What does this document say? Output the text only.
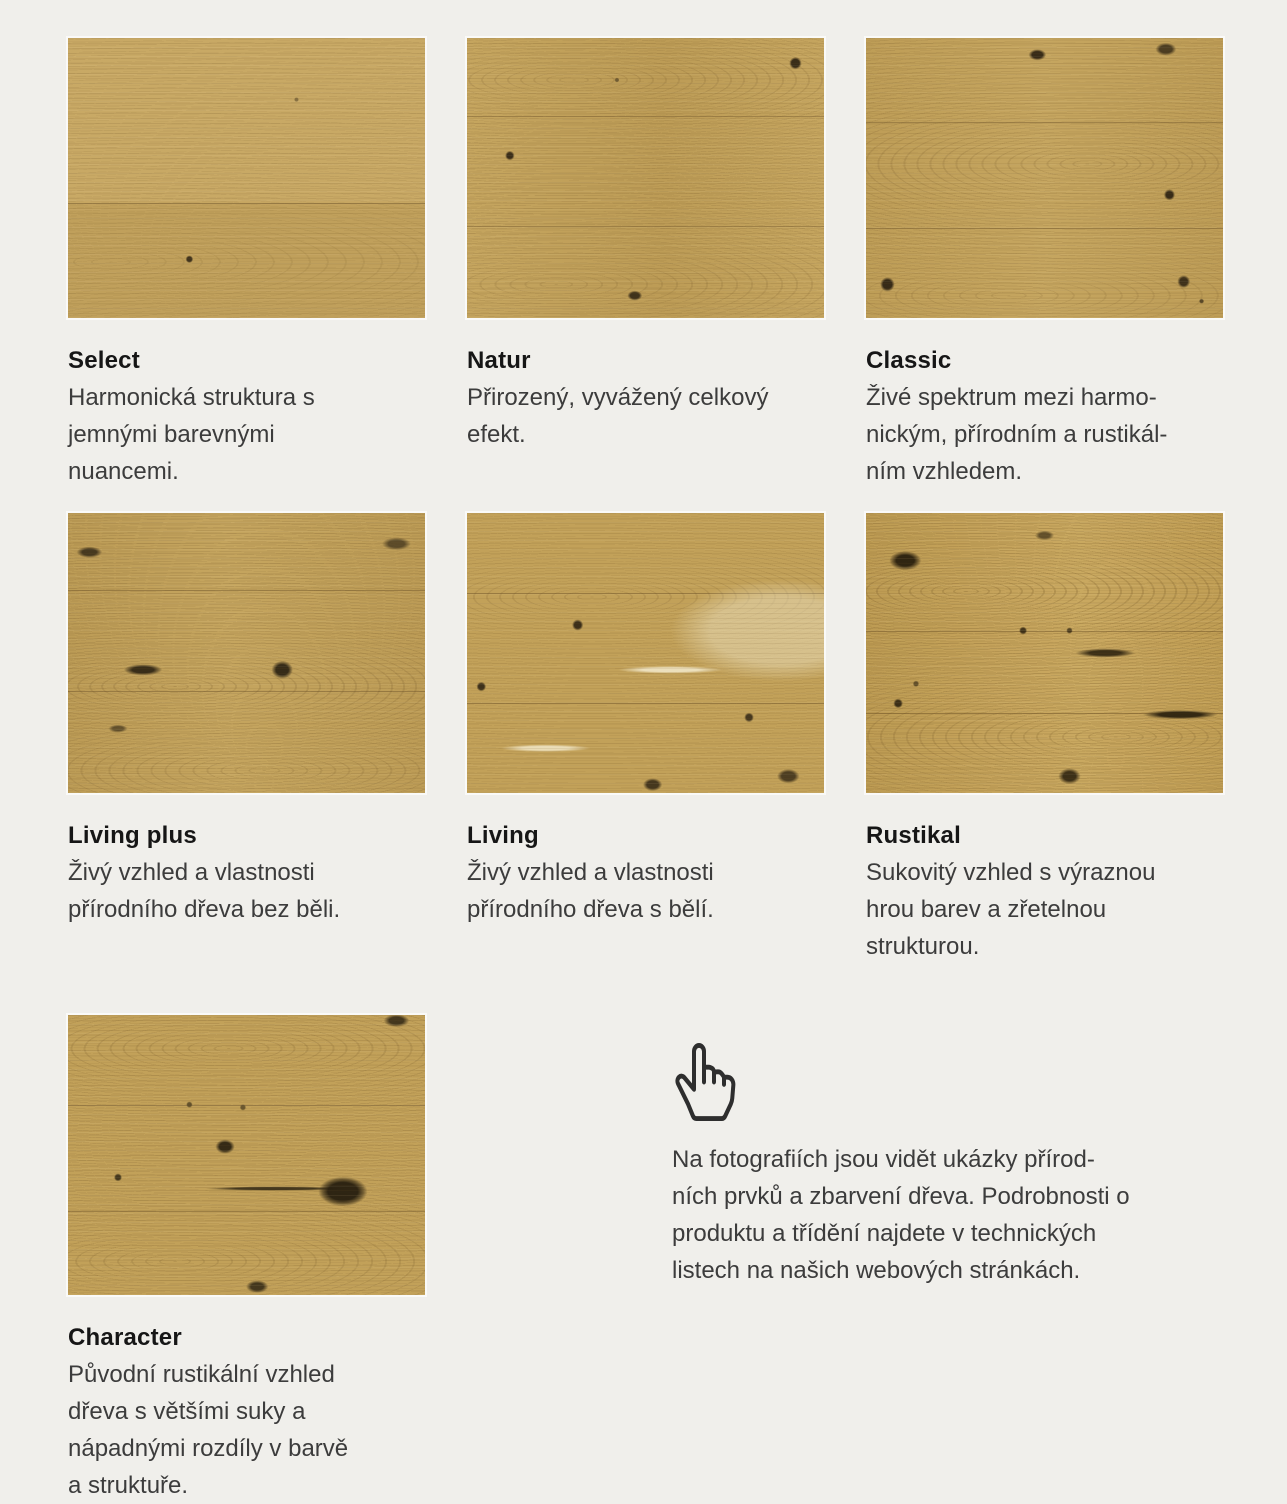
Select

Harmonická struktura s
jemnými barevnými
nuancemi.

Natur

Přirozený, vyvážený celkový
efekt.

Classic

Živé spektrum mezi harmo-
nickým, přírodním a rustikál-
ním vzhledem.

Living plus

Živý vzhled a vlastnosti
přírodního dřeva bez běli.

Living

Živý vzhled a vlastnosti
přírodního dřeva s bělí.

Rustikal

Sukovitý vzhled s výraznou
hrou barev a zřetelnou
strukturou.

Character

Původní rustikální vzhled
dřeva s většími suky a
nápadnými rozdíly v barvě
a struktuře.

Na fotografiích jsou vidět ukázky přírod-
ních prvků a zbarvení dřeva. Podrobnosti o
produktu a třídění najdete v technických
listech na našich webových stránkách.
